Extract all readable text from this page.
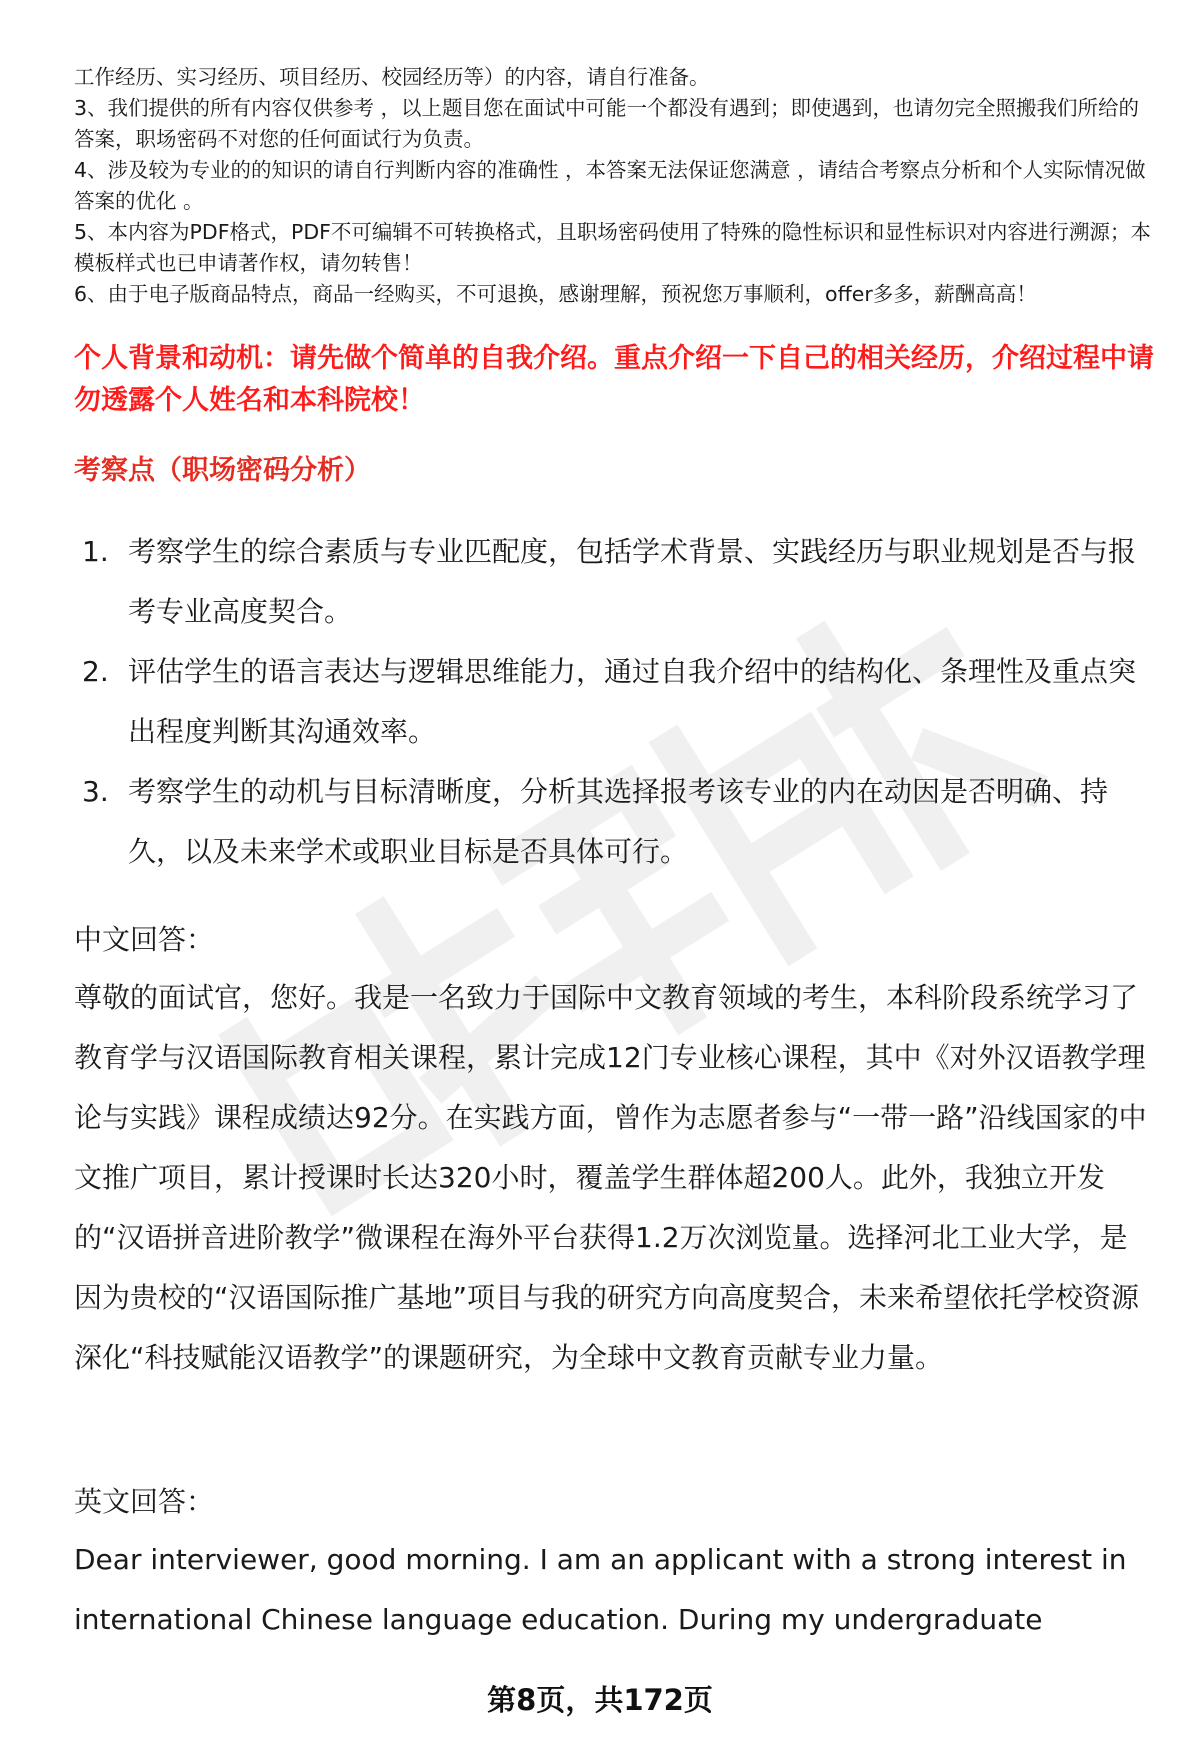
工作经历、实习经历、项目经历、校园经历等）的内容，请自行准备。

3、我们提供的所有内容仅供参考 ，以上题目您在面试中可能一个都没有遇到；即使遇到，也请勿完全照搬我们所给的答案，职场密码不对您的任何面试行为负责。

4、涉及较为专业的的知识的请自行判断内容的准确性 ，本答案无法保证您满意 ，请结合考察点分析和个人实际情况做答案的优化 。

5、本内容为PDF格式，PDF不可编辑不可转换格式，且职场密码使用了特殊的隐性标识和显性标识对内容进行溯源；本模板样式也已申请著作权，请勿转售！

6、由于电子版商品特点，商品一经购买，不可退换，感谢理解，预祝您万事顺利，offer多多，薪酬高高！

个人背景和动机：请先做个简单的自我介绍。重点介绍一下自己的相关经历，介绍过程中请勿透露个人姓名和本科院校！
考察点（职场密码分析）
1. 考察学生的综合素质与专业匹配度，包括学术背景、实践经历与职业规划是否与报考专业高度契合。
2. 评估学生的语言表达与逻辑思维能力，通过自我介绍中的结构化、条理性及重点突出程度判断其沟通效率。
3. 考察学生的动机与目标清晰度，分析其选择报考该专业的内在动因是否明确、持久，以及未来学术或职业目标是否具体可行。
中文回答：

尊敬的面试官，您好。我是一名致力于国际中文教育领域的考生，本科阶段系统学习了教育学与汉语国际教育相关课程，累计完成12门专业核心课程，其中《对外汉语教学理论与实践》课程成绩达92分。在实践方面，曾作为志愿者参与“一带一路”沿线国家的中文推广项目，累计授课时长达320小时，覆盖学生群体超200人。此外，我独立开发的“汉语拼音进阶教学”微课程在海外平台获得1.2万次浏览量。选择河北工业大学，是因为贵校的“汉语国际推广基地”项目与我的研究方向高度契合，未来希望依托学校资源深化“科技赋能汉语教学”的课题研究，为全球中文教育贡献专业力量。

英文回答：

Dear interviewer, good morning. I am an applicant with a strong interest in international Chinese language education. During my undergraduate

第8页，共172页
